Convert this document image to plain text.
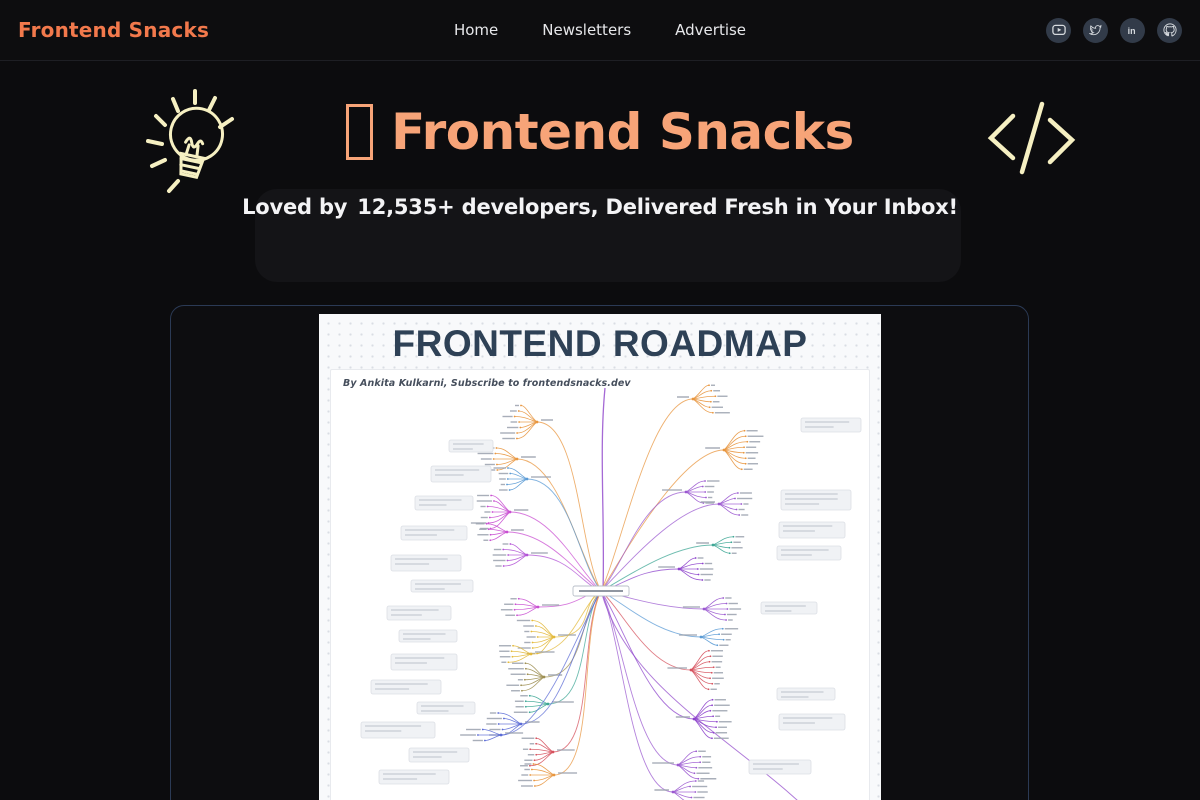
Frontend Snacks	Home	Newsletters	Advertise	in
Frontend Snacks
Loved by 12,535+ developers, Delivered Fresh in Your Inbox!
FRONTEND ROADMAP
By Ankita Kulkarni, Subscribe to frontendsnacks.dev
